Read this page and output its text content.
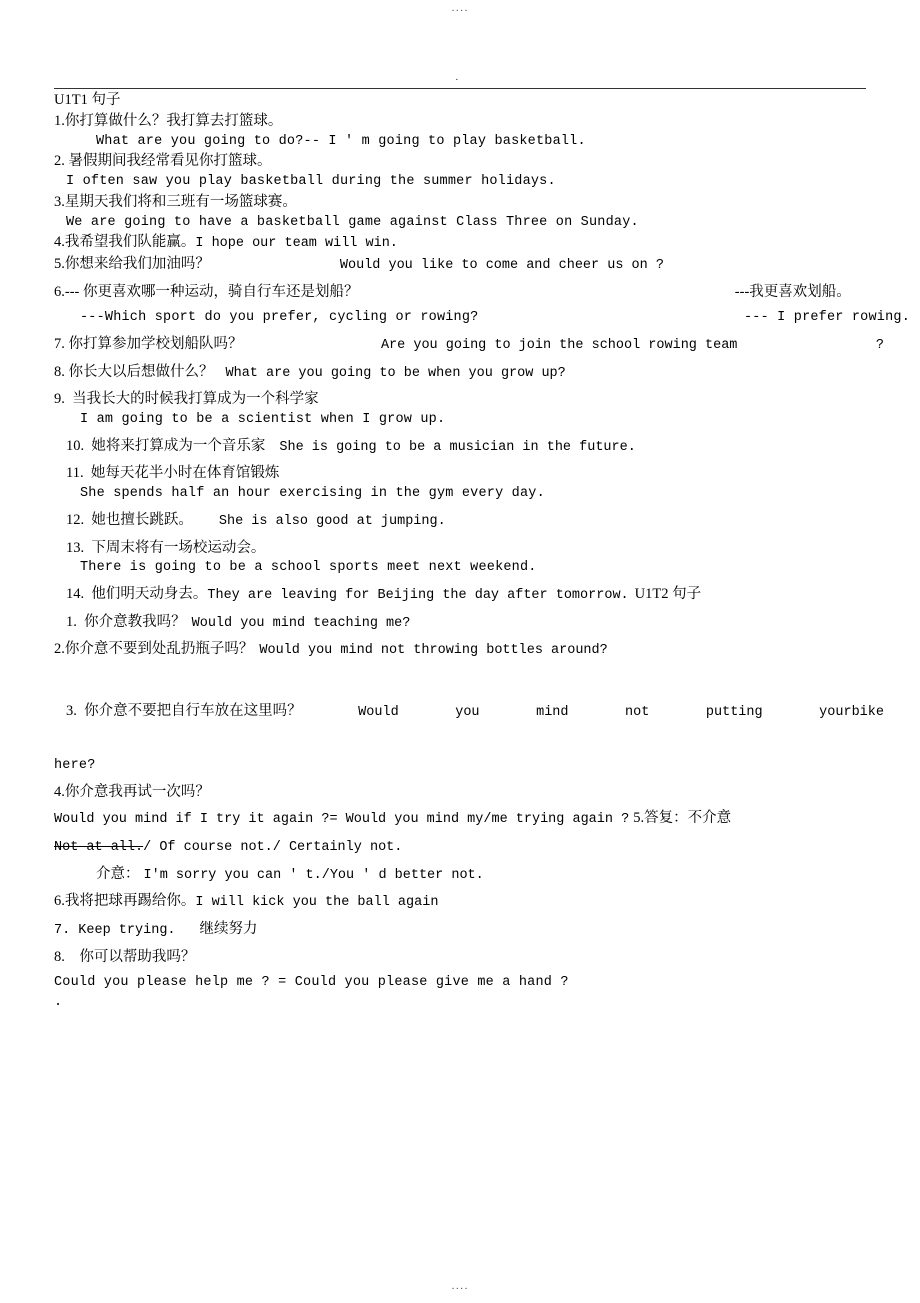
····
·
U1T1 句子
1.你打算做什么？我打算去打篮球。
What are you going to do?-- I ' m going to play basketball.
2. 暑假期间我经常看见你打篮球。
I often saw you play basketball during the summer holidays.
3.星期天我们将和三班有一场篮球赛。
We are going to have a basketball game against Class Three on Sunday.
4.我希望我们队能赢。I hope our team will win.
5.你想来给我们加油吗？	Would you like to come and cheer us on ?
6.--- 你更喜欢哪一种运动，骑自行车还是划船？	---我更喜欢划船。
---Which sport do you prefer, cycling or rowing?	--- I prefer rowing.
7. 你打算参加学校划船队吗？	Are you going to join the school rowing team	?
8. 你长大以后想做什么？ What are you going to be when you grow up?
9.  当我长大的时候我打算成为一个科学家
I am going to be a scientist when I grow up.
10.  她将来打算成为一个音乐家 She is going to be a musician in the future.
11.  她每天花半小时在体育馆锻炼
She spends half an hour exercising in the gym every day.
12.  她也擅长跳跃。 She is also good at jumping.
13.  下周末将有一场校运动会。
There is going to be a school sports meet next weekend.
14.  他们明天动身去。They are leaving for Beijing the day after tomorrow. U1T2 句子
1.  你介意教我吗？ Would you mind teaching me?
2.你介意不要到处乱扔瓶子吗？ Would you mind not throwing bottles around?

3.  你介意不要把自行车放在这里吗？	Would	you	mind	not	putting	yourbike

here?
4.你介意我再试一次吗？
Would you mind if I try it again ?= Would you mind my/me trying again ? 5.答复：不介意
Not at all./ Of course not./ Certainly not.
介意： I'm sorry you can ' t./You ' d better not.
6.我将把球再踢给你。I will kick you the ball again
7. Keep trying. 继续努力
8.    你可以帮助我吗？
Could you please help me ? = Could you please give me a hand ?
.
····
